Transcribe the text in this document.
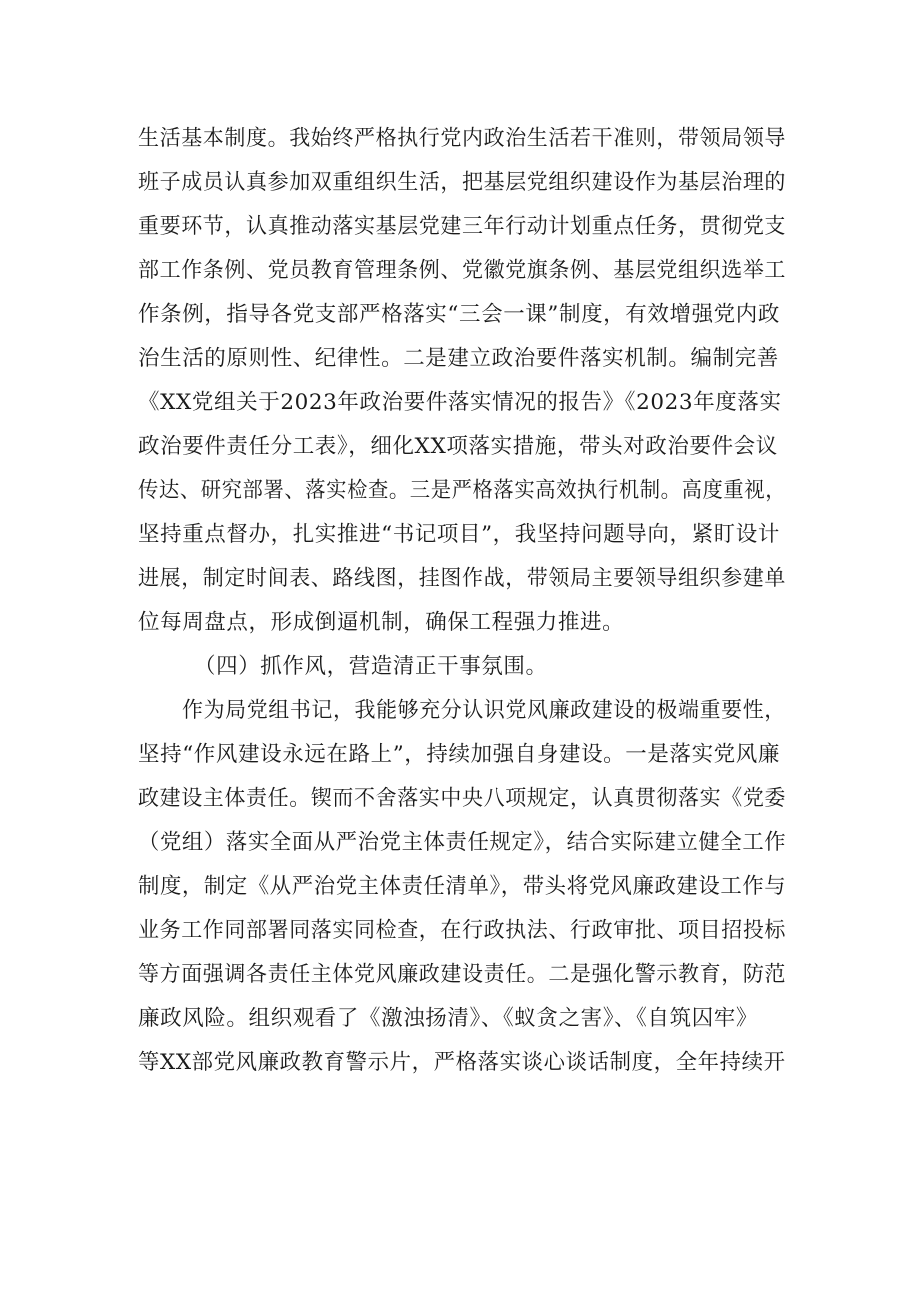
生活基本制度。我始终严格执行党内政治生活若干准则，带领局领导
班子成员认真参加双重组织生活，把基层党组织建设作为基层治理的
重要环节，认真推动落实基层党建三年行动计划重点任务，贯彻党支
部工作条例、党员教育管理条例、党徽党旗条例、基层党组织选举工
作条例，指导各党支部严格落实“三会一课”制度，有效增强党内政
治生活的原则性、纪律性。二是建立政治要件落实机制。编制完善
《XX党组关于2023年政治要件落实情况的报告》《2023年度落实
政治要件责任分工表》，细化XX项落实措施，带头对政治要件会议
传达、研究部署、落实检查。三是严格落实高效执行机制。高度重视，
坚持重点督办，扎实推进“书记项目”，我坚持问题导向，紧盯设计
进展，制定时间表、路线图，挂图作战，带领局主要领导组织参建单
位每周盘点，形成倒逼机制，确保工程强力推进。
（四）抓作风，营造清正干事氛围。
作为局党组书记，我能够充分认识党风廉政建设的极端重要性，
坚持“作风建设永远在路上”，持续加强自身建设。一是落实党风廉
政建设主体责任。锲而不舍落实中央八项规定，认真贯彻落实《党委
（党组）落实全面从严治党主体责任规定》，结合实际建立健全工作
制度，制定《从严治党主体责任清单》，带头将党风廉政建设工作与
业务工作同部署同落实同检查，在行政执法、行政审批、项目招投标
等方面强调各责任主体党风廉政建设责任。二是强化警示教育，防范
廉政风险。组织观看了《激浊扬清》、《蚁贪之害》、《自筑囚牢》
等XX部党风廉政教育警示片，严格落实谈心谈话制度，全年持续开
